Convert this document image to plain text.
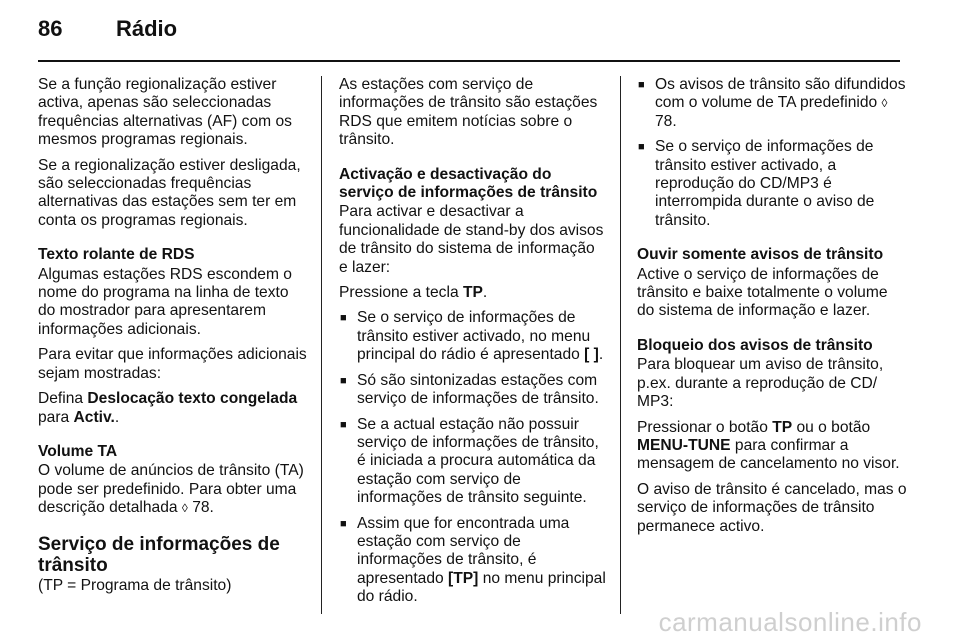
86	Rádio

Se a função regionalização estiver activa, apenas são seleccionadas frequências alternativas (AF) com os mesmos programas regionais.

Se a regionalização estiver desligada, são seleccionadas frequências alternativas das estações sem ter em conta os programas regionais.

Texto rolante de RDS

Algumas estações RDS escondem o nome do programa na linha de texto do mostrador para apresentarem informações adicionais.

Para evitar que informações adicionais sejam mostradas:

Defina Deslocação texto congelada
para Activ..

Volume TA

O volume de anúncios de trânsito (TA) pode ser predefinido. Para obter uma descrição detalhada ◊ 78.

Serviço de informações de trânsito

(TP = Programa de trânsito)

As estações com serviço de informações de trânsito são estações RDS que emitem notícias sobre o trânsito.

Activação e desactivação do serviço de informações de trânsito

Para activar e desactivar a funcionalidade de stand-by dos avisos de trânsito do sistema de informação e lazer:

Pressione a tecla TP.

■ Se o serviço de informações de trânsito estiver activado, no menu principal do rádio é apresentado [ ].
■ Só são sintonizadas estações com serviço de informações de trânsito.
■ Se a actual estação não possuir serviço de informações de trânsito, é iniciada a procura automática da estação com serviço de informações de trânsito seguinte.
■ Assim que for encontrada uma estação com serviço de informações de trânsito, é apresentado [TP] no menu principal do rádio.
■ Os avisos de trânsito são difundidos com o volume de TA predefinido ◊ 78.
■ Se o serviço de informações de trânsito estiver activado, a reprodução do CD/MP3 é interrompida durante o aviso de trânsito.
Ouvir somente avisos de trânsito

Active o serviço de informações de trânsito e baixe totalmente o volume do sistema de informação e lazer.

Bloqueio dos avisos de trânsito

Para bloquear um aviso de trânsito, p.ex. durante a reprodução de CD/ MP3:

Pressionar o botão TP ou o botão MENU-TUNE para confirmar a mensagem de cancelamento no visor.

O aviso de trânsito é cancelado, mas o serviço de informações de trânsito permanece activo.

carmanualsonline.info
